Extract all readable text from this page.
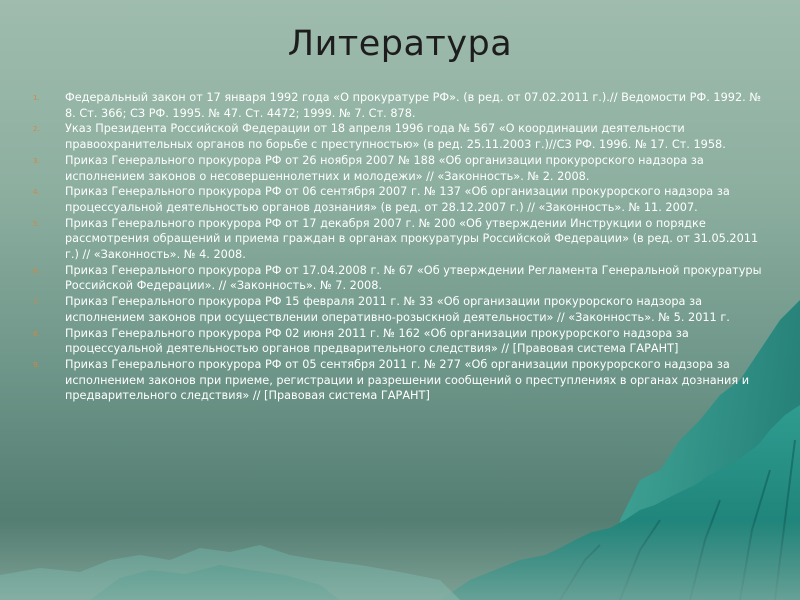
Литература
1. Федеральный закон от 17 января 1992 года «О прокуратуре РФ». (в ред. от 07.02.2011 г.).// Ведомости РФ. 1992. № 8. Ст. 366; СЗ РФ. 1995. № 47. Ст. 4472; 1999. № 7. Ст. 878.
2. Указ Президента Российской Федерации от 18 апреля 1996 года № 567 «О координации деятельности правоохранительных органов по борьбе с преступностью» (в ред. 25.11.2003 г.)//СЗ РФ. 1996. № 17. Ст. 1958.
3. Приказ Генерального прокурора РФ от 26 ноября 2007 № 188 «Об организации прокурорского надзора за исполнением законов о несовершеннолетних и молодежи» // «Законность». № 2. 2008.
4. Приказ Генерального прокурора РФ от 06 сентября 2007 г. № 137 «Об организации прокурорского надзора за процессуальной деятельностью органов дознания» (в ред. от 28.12.2007 г.) // «Законность». № 11. 2007.
5. Приказ Генерального прокурора РФ от 17 декабря 2007 г. № 200 «Об утверждении Инструкции о порядке рассмотрения обращений и приема граждан в органах прокуратуры Российской Федерации» (в ред. от 31.05.2011 г.) // «Законность». № 4. 2008.
6. Приказ Генерального прокурора РФ от 17.04.2008 г. № 67 «Об утверждении Регламента Генеральной прокуратуры Российской Федерации». // «Законность». № 7. 2008.
7. Приказ Генерального прокурора РФ 15 февраля 2011 г. № 33 «Об организации прокурорского надзора за исполнением законов при осуществлении оперативно-розыскной деятельности» // «Законность». № 5. 2011 г.
8. Приказ Генерального прокурора РФ 02 июня 2011 г. № 162 «Об организации прокурорского надзора за процессуальной деятельностью органов предварительного следствия» // [Правовая система ГАРАНТ]
9. Приказ Генерального прокурора РФ от 05 сентября 2011 г. № 277 «Об организации прокурорского надзора за исполнением законов при приеме, регистрации и разрешении сообщений о преступлениях в органах дознания и предварительного следствия» // [Правовая система ГАРАНТ]
